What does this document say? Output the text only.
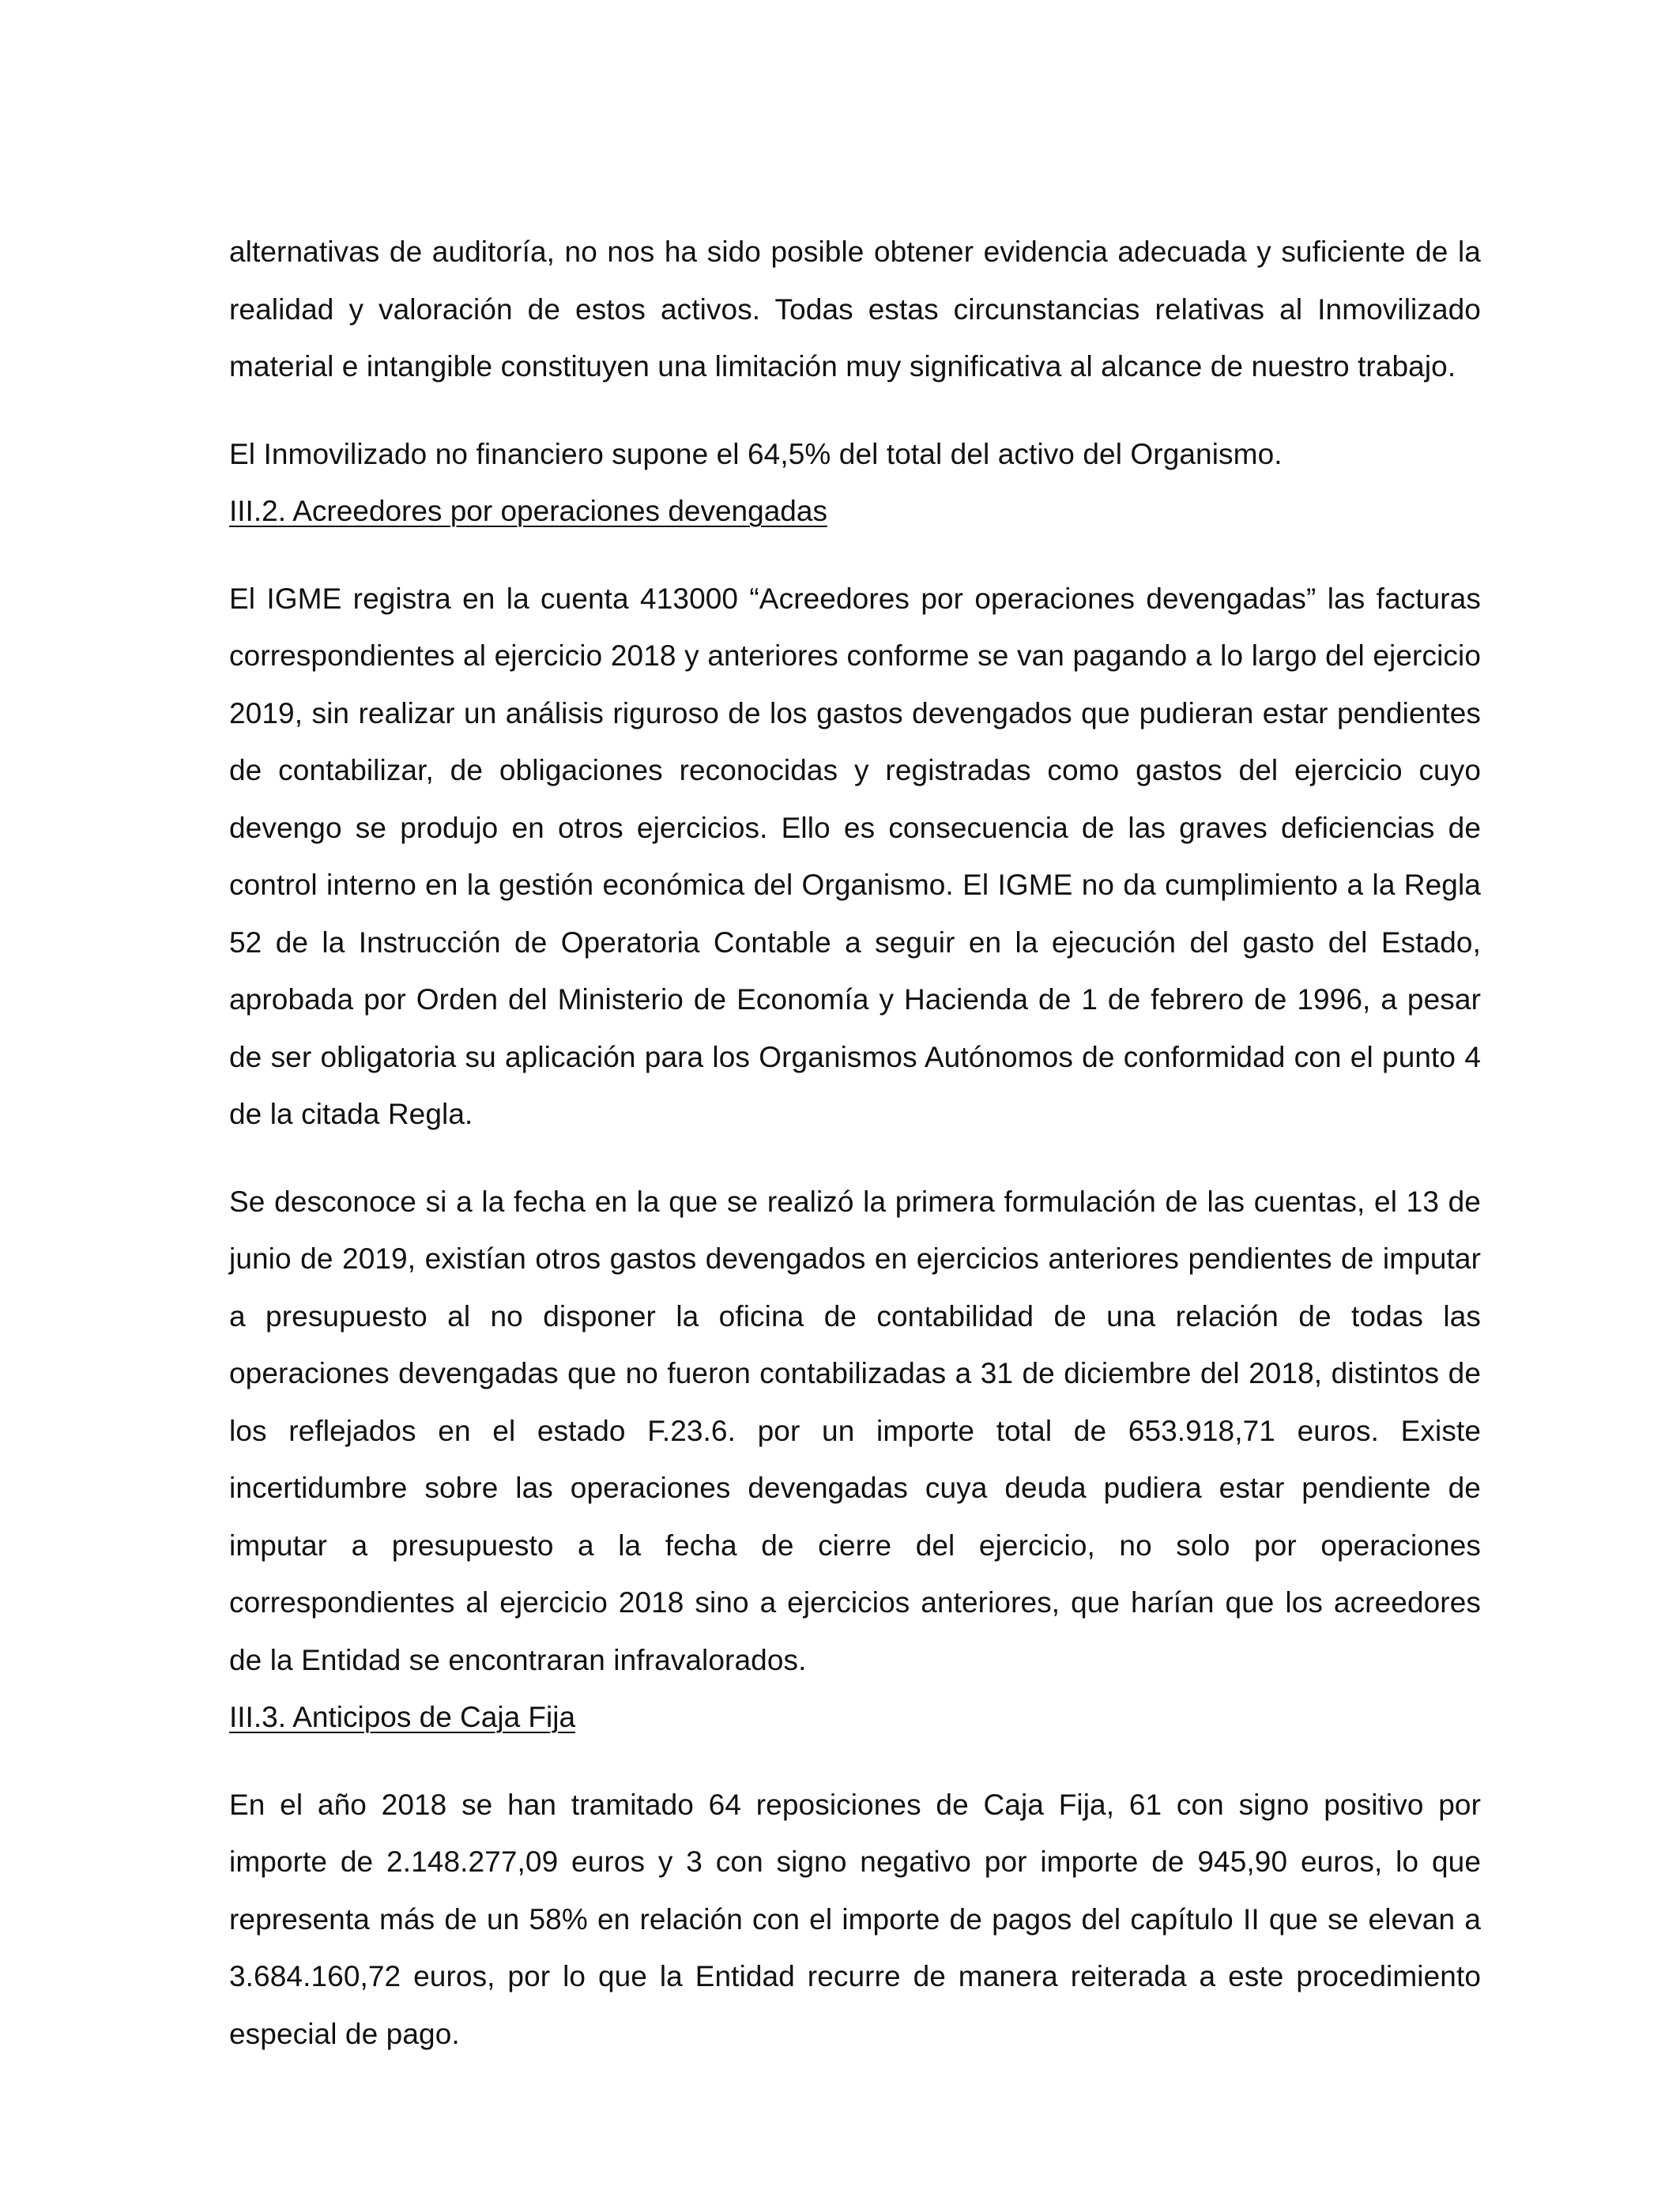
alternativas de auditoría, no nos ha sido posible obtener evidencia adecuada y suficiente de la realidad y valoración de estos activos. Todas estas circunstancias relativas al Inmovilizado material e intangible constituyen una limitación muy significativa al alcance de nuestro trabajo.

El Inmovilizado no financiero supone el 64,5% del total del activo del Organismo.

III.2. Acreedores por operaciones devengadas

El IGME registra en la cuenta 413000 “Acreedores por operaciones devengadas” las facturas correspondientes al ejercicio 2018 y anteriores conforme se van pagando a lo largo del ejercicio 2019, sin realizar un análisis riguroso de los gastos devengados que pudieran estar pendientes de contabilizar, de obligaciones reconocidas y registradas como gastos del ejercicio cuyo devengo se produjo en otros ejercicios. Ello es consecuencia de las graves deficiencias de control interno en la gestión económica del Organismo. El IGME no da cumplimiento a la Regla 52 de la Instrucción de Operatoria Contable a seguir en la ejecución del gasto del Estado, aprobada por Orden del Ministerio de Economía y Hacienda de 1 de febrero de 1996, a pesar de ser obligatoria su aplicación para los Organismos Autónomos de conformidad con el punto 4 de la citada Regla.

Se desconoce si a la fecha en la que se realizó la primera formulación de las cuentas, el 13 de junio de 2019, existían otros gastos devengados en ejercicios anteriores pendientes de imputar a presupuesto al no disponer la oficina de contabilidad de una relación de todas las operaciones devengadas que no fueron contabilizadas a 31 de diciembre del 2018, distintos de los reflejados en el estado F.23.6. por un importe total de 653.918,71 euros. Existe incertidumbre sobre las operaciones devengadas cuya deuda pudiera estar pendiente de imputar a presupuesto a la fecha de cierre del ejercicio, no solo por operaciones correspondientes al ejercicio 2018 sino a ejercicios anteriores, que harían que los acreedores de la Entidad se encontraran infravalorados.

III.3. Anticipos de Caja Fija

En el año 2018 se han tramitado 64 reposiciones de Caja Fija, 61 con signo positivo por importe de 2.148.277,09 euros y 3 con signo negativo por importe de 945,90 euros, lo que representa más de un 58% en relación con el importe de pagos del capítulo II que se elevan a 3.684.160,72 euros, por lo que la Entidad recurre de manera reiterada a este procedimiento especial de pago.
